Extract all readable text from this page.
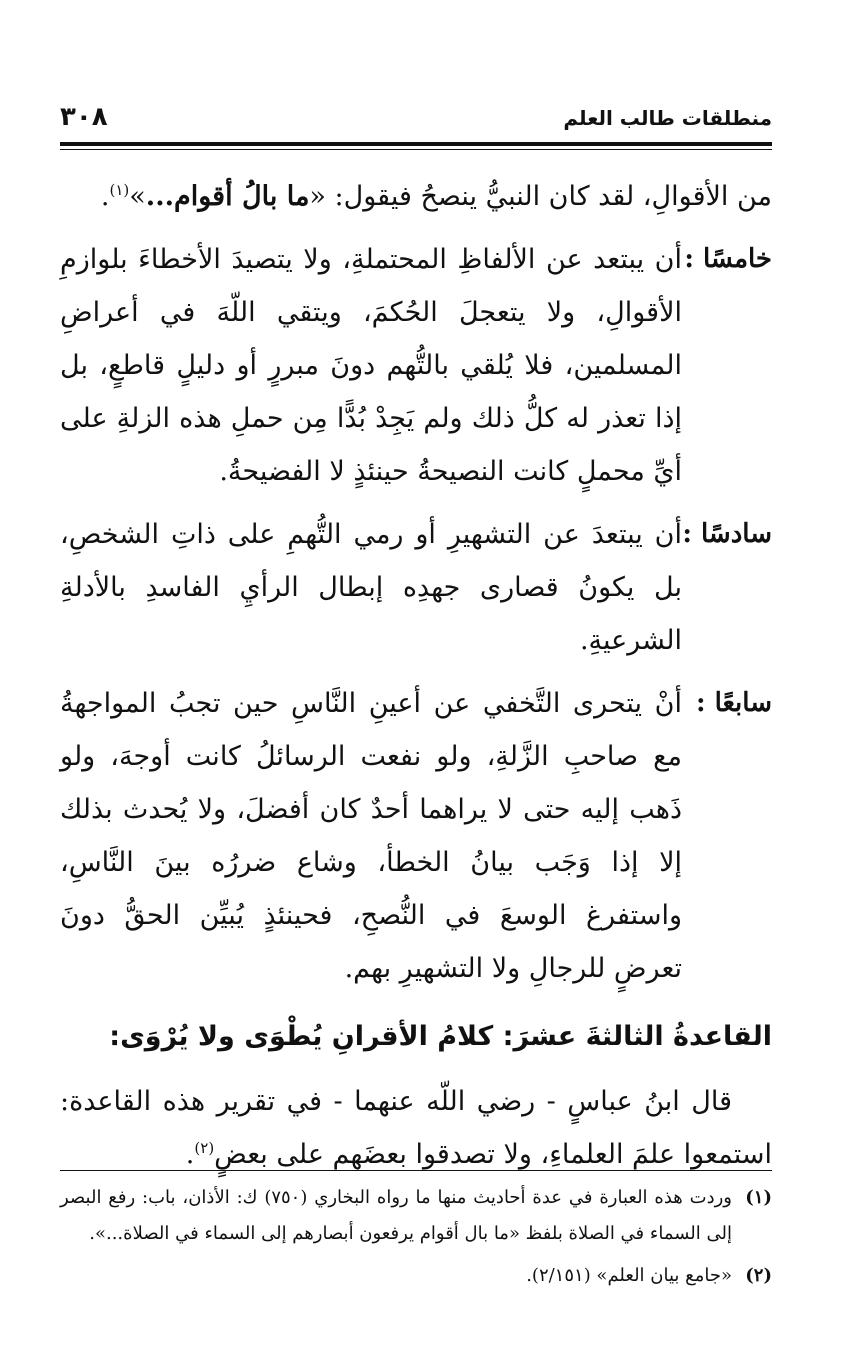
منطلقات طالب العلم
٣٠٨

من الأقوالِ، لقد كان النبيُّ ينصحُ فيقول: «ما بالُ أقوام...»$^{(١)}$.

خامسًا :

أن يبتعد عن الألفاظِ المحتملةِ، ولا يتصيدَ الأخطاءَ بلوازمِ الأقوالِ، ولا يتعجلَ الحُكمَ، ويتقي اللّهَ في أعراضِ المسلمين، فلا يُلقي بالتُّهم دونَ مبررٍ أو دليلٍ قاطعٍ، بل إذا تعذر له كلُّ ذلك ولم يَجِدْ بُدًّا مِن حملِ هذه الزلةِ على أيِّ محملٍ كانت النصيحةُ حينئذٍ لا الفضيحةُ.

سادسًا :

أن يبتعدَ عن التشهيرِ أو رمي التُّهمِ على ذاتِ الشخصِ، بل يكونُ قصارى جهدِه إبطال الرأيِ الفاسدِ بالأدلةِ الشرعيةِ.

سابعًا :

أنْ يتحرى التَّخفي عن أعينِ النَّاسِ حين تجبُ المواجهةُ مع صاحبِ الزَّلةِ، ولو نفعت الرسائلُ كانت أوجهَ، ولو ذَهب إليه حتى لا يراهما أحدٌ كان أفضلَ، ولا يُحدث بذلك إلا إذا وَجَب بيانُ الخطأ، وشاع ضررُه بينَ النَّاسِ، واستفرغ الوسعَ في النُّصحِ، فحينئذٍ يُبيِّن الحقُّ دونَ تعرضٍ للرجالِ ولا التشهيرِ بهم.

القاعدةُ الثالثةَ عشرَ: كلامُ الأقرانِ يُطْوَى ولا يُرْوَى:

قال ابنُ عباسٍ - رضي اللّه عنهما - في تقرير هذه القاعدة: استمعوا علمَ العلماءِ، ولا تصدقوا بعضَهم على بعضٍ$^{(٢)}$.

(١)
وردت هذه العبارة في عدة أحاديث منها ما رواه البخاري (٧٥٠) ك: الأذان، باب: رفع البصر إلى السماء في الصلاة بلفظ «ما بال أقوام يرفعون أبصارهم إلى السماء في الصلاة...».
(٢)
«جامع بيان العلم» (٢/١٥١).
